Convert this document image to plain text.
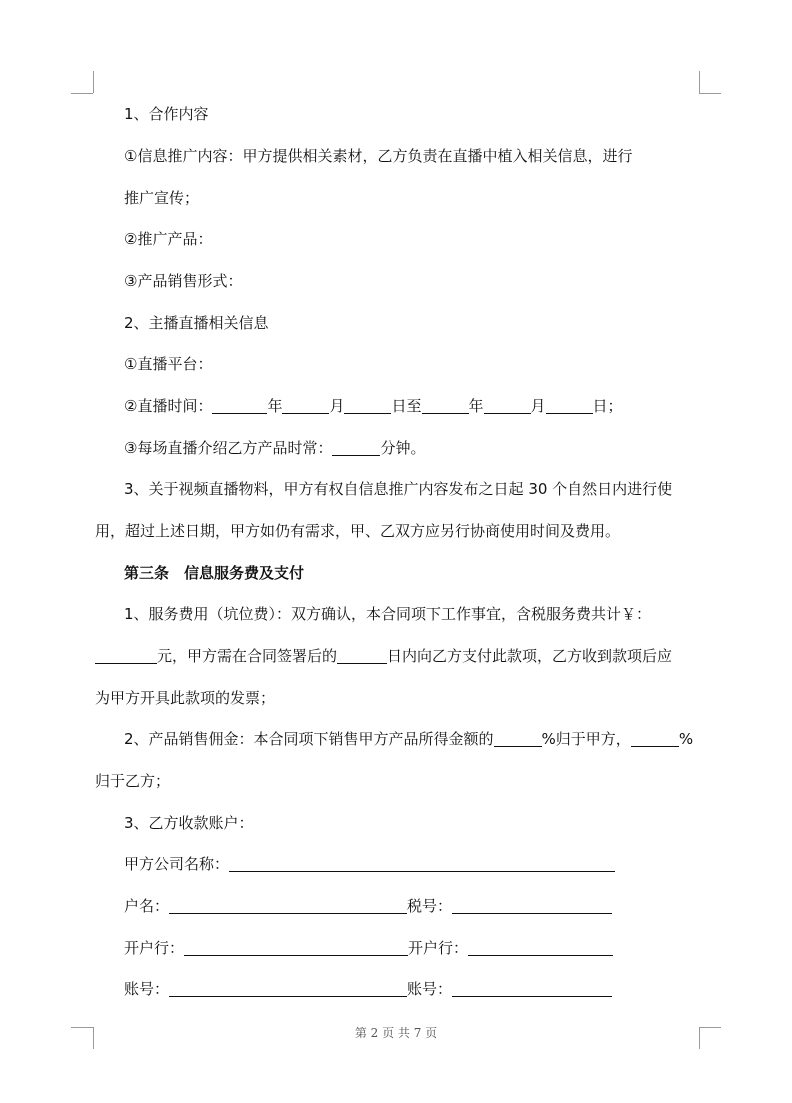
1、合作内容
①信息推广内容：甲方提供相关素材，乙方负责在直播中植入相关信息，进行
推广宣传；
②推广产品：
③产品销售形式：
2、主播直播相关信息
①直播平台：
②直播时间：	年	月	日至	年	月	日；
③每场直播介绍乙方产品时常：	分钟。
3、关于视频直播物料，甲方有权自信息推广内容发布之日起 30 个自然日内进行使
用，超过上述日期，甲方如仍有需求，甲、乙双方应另行协商使用时间及费用。
第三条　信息服务费及支付
1、服务费用（坑位费）：双方确认，本合同项下工作事宜，含税服务费共计￥：
元，甲方需在合同签署后的	日内向乙方支付此款项，乙方收到款项后应
为甲方开具此款项的发票；
2、产品销售佣金：本合同项下销售甲方产品所得金额的	%归于甲方，	%
归于乙方；
3、乙方收款账户：
甲方公司名称：
户名：	税号：
开户行：	开户行：
账号：	账号：
第 2 页 共 7 页
